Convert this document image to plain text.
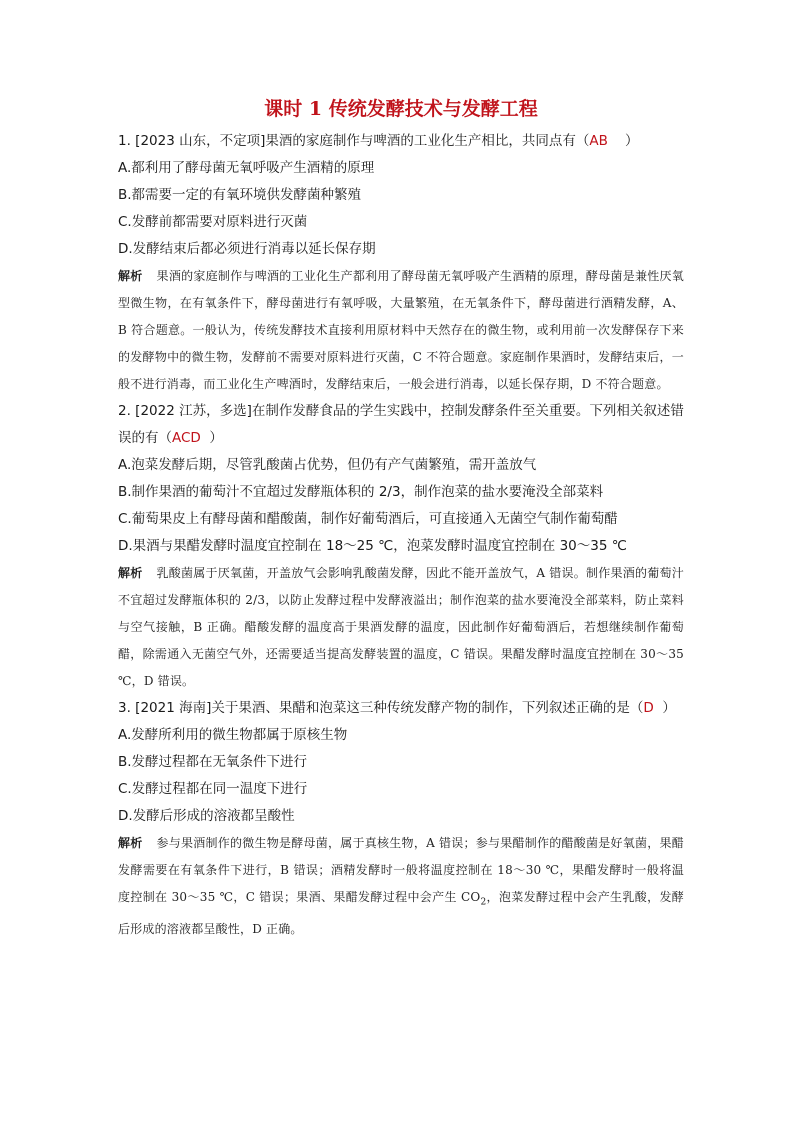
课时 1 传统发酵技术与发酵工程

1. [2023 山东，不定项]果酒的家庭制作与啤酒的工业化生产相比，共同点有（AB    ）

A.都利用了酵母菌无氧呼吸产生酒精的原理

B.都需要一定的有氧环境供发酵菌种繁殖

C.发酵前都需要对原料进行灭菌

D.发酵结束后都必须进行消毒以延长保存期

解析 果酒的家庭制作与啤酒的工业化生产都利用了酵母菌无氧呼吸产生酒精的原理，酵母菌是兼性厌氧型微生物，在有氧条件下，酵母菌进行有氧呼吸，大量繁殖，在无氧条件下，酵母菌进行酒精发酵，A、B 符合题意。一般认为，传统发酵技术直接利用原材料中天然存在的微生物，或利用前一次发酵保存下来的发酵物中的微生物，发酵前不需要对原料进行灭菌，C 不符合题意。家庭制作果酒时，发酵结束后，一般不进行消毒，而工业化生产啤酒时，发酵结束后，一般会进行消毒，以延长保存期，D 不符合题意。

2. [2022 江苏，多选]在制作发酵食品的学生实践中，控制发酵条件至关重要。下列相关叙述错误的有（ACD  ）

A.泡菜发酵后期，尽管乳酸菌占优势，但仍有产气菌繁殖，需开盖放气

B.制作果酒的葡萄汁不宜超过发酵瓶体积的 2/3，制作泡菜的盐水要淹没全部菜料

C.葡萄果皮上有酵母菌和醋酸菌，制作好葡萄酒后，可直接通入无菌空气制作葡萄醋

D.果酒与果醋发酵时温度宜控制在 18～25 ℃，泡菜发酵时温度宜控制在 30～35 ℃

解析 乳酸菌属于厌氧菌，开盖放气会影响乳酸菌发酵，因此不能开盖放气，A 错误。制作果酒的葡萄汁不宜超过发酵瓶体积的 2/3，以防止发酵过程中发酵液溢出；制作泡菜的盐水要淹没全部菜料，防止菜料与空气接触，B 正确。醋酸发酵的温度高于果酒发酵的温度，因此制作好葡萄酒后，若想继续制作葡萄醋，除需通入无菌空气外，还需要适当提高发酵装置的温度，C 错误。果醋发酵时温度宜控制在 30～35 ℃，D 错误。

3. [2021 海南]关于果酒、果醋和泡菜这三种传统发酵产物的制作，下列叙述正确的是（D  ）

A.发酵所利用的微生物都属于原核生物

B.发酵过程都在无氧条件下进行

C.发酵过程都在同一温度下进行

D.发酵后形成的溶液都呈酸性

解析 参与果酒制作的微生物是酵母菌，属于真核生物，A 错误；参与果醋制作的醋酸菌是好氧菌，果醋发酵需要在有氧条件下进行，B 错误；酒精发酵时一般将温度控制在 18～30 ℃，果醋发酵时一般将温度控制在 30～35 ℃，C 错误；果酒、果醋发酵过程中会产生 $CO_2$，泡菜发酵过程中会产生乳酸，发酵后形成的溶液都呈酸性，D 正确。
